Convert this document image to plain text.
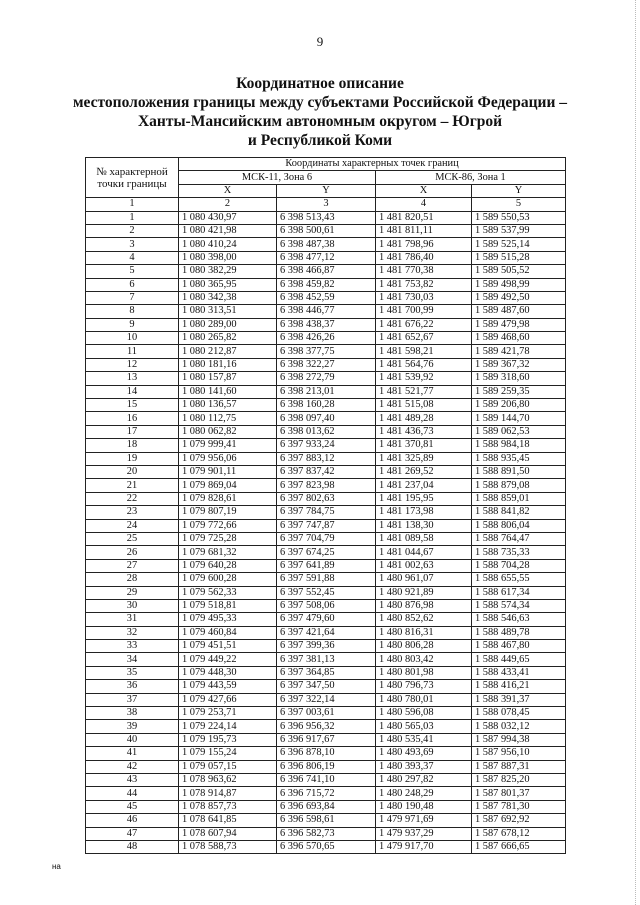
9
Координатное описание
местоположения границы между субъектами Российской Федерации –
Ханты-Мансийским автономным округом – Югрой
и Республикой Коми
№ характерной точки границы	Координаты характерных точек границ			
	МСК-11, Зона 6		МСК-86, Зона 1	
	X	Y	X	Y
1	2	3	4	5
1	1 080 430,97	6 398 513,43	1 481 820,51	1 589 550,53
2	1 080 421,98	6 398 500,61	1 481 811,11	1 589 537,99
3	1 080 410,24	6 398 487,38	1 481 798,96	1 589 525,14
4	1 080 398,00	6 398 477,12	1 481 786,40	1 589 515,28
5	1 080 382,29	6 398 466,87	1 481 770,38	1 589 505,52
6	1 080 365,95	6 398 459,82	1 481 753,82	1 589 498,99
7	1 080 342,38	6 398 452,59	1 481 730,03	1 589 492,50
8	1 080 313,51	6 398 446,77	1 481 700,99	1 589 487,60
9	1 080 289,00	6 398 438,37	1 481 676,22	1 589 479,98
10	1 080 265,82	6 398 426,26	1 481 652,67	1 589 468,60
11	1 080 212,87	6 398 377,75	1 481 598,21	1 589 421,78
12	1 080 181,16	6 398 322,27	1 481 564,76	1 589 367,32
13	1 080 157,87	6 398 272,79	1 481 539,92	1 589 318,60
14	1 080 141,60	6 398 213,01	1 481 521,77	1 589 259,35
15	1 080 136,57	6 398 160,28	1 481 515,08	1 589 206,80
16	1 080 112,75	6 398 097,40	1 481 489,28	1 589 144,70
17	1 080 062,82	6 398 013,62	1 481 436,73	1 589 062,53
18	1 079 999,41	6 397 933,24	1 481 370,81	1 588 984,18
19	1 079 956,06	6 397 883,12	1 481 325,89	1 588 935,45
20	1 079 901,11	6 397 837,42	1 481 269,52	1 588 891,50
21	1 079 869,04	6 397 823,98	1 481 237,04	1 588 879,08
22	1 079 828,61	6 397 802,63	1 481 195,95	1 588 859,01
23	1 079 807,19	6 397 784,75	1 481 173,98	1 588 841,82
24	1 079 772,66	6 397 747,87	1 481 138,30	1 588 806,04
25	1 079 725,28	6 397 704,79	1 481 089,58	1 588 764,47
26	1 079 681,32	6 397 674,25	1 481 044,67	1 588 735,33
27	1 079 640,28	6 397 641,89	1 481 002,63	1 588 704,28
28	1 079 600,28	6 397 591,88	1 480 961,07	1 588 655,55
29	1 079 562,33	6 397 552,45	1 480 921,89	1 588 617,34
30	1 079 518,81	6 397 508,06	1 480 876,98	1 588 574,34
31	1 079 495,33	6 397 479,60	1 480 852,62	1 588 546,63
32	1 079 460,84	6 397 421,64	1 480 816,31	1 588 489,78
33	1 079 451,51	6 397 399,36	1 480 806,28	1 588 467,80
34	1 079 449,22	6 397 381,13	1 480 803,42	1 588 449,65
35	1 079 448,30	6 397 364,85	1 480 801,98	1 588 433,41
36	1 079 443,59	6 397 347,50	1 480 796,73	1 588 416,21
37	1 079 427,66	6 397 322,14	1 480 780,01	1 588 391,37
38	1 079 253,71	6 397 003,61	1 480 596,08	1 588 078,45
39	1 079 224,14	6 396 956,32	1 480 565,03	1 588 032,12
40	1 079 195,73	6 396 917,67	1 480 535,41	1 587 994,38
41	1 079 155,24	6 396 878,10	1 480 493,69	1 587 956,10
42	1 079 057,15	6 396 806,19	1 480 393,37	1 587 887,31
43	1 078 963,62	6 396 741,10	1 480 297,82	1 587 825,20
44	1 078 914,87	6 396 715,72	1 480 248,29	1 587 801,37
45	1 078 857,73	6 396 693,84	1 480 190,48	1 587 781,30
46	1 078 641,85	6 396 598,61	1 479 971,69	1 587 692,92
47	1 078 607,94	6 396 582,73	1 479 937,29	1 587 678,12
48	1 078 588,73	6 396 570,65	1 479 917,70	1 587 666,65
на
